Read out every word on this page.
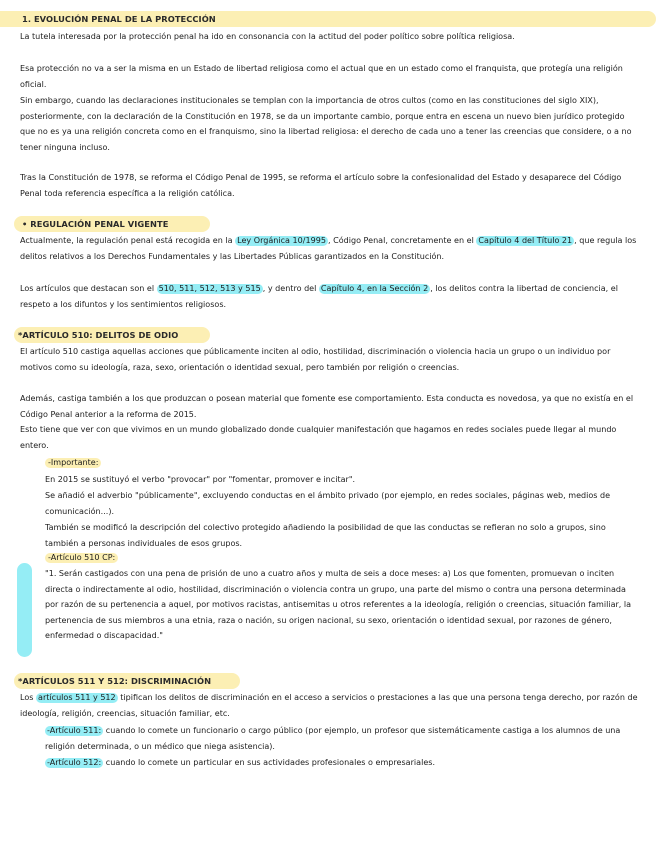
1. EVOLUCIÓN PENAL DE LA PROTECCIÓN

La tutela interesada por la protección penal ha ido en consonancia con la actitud del poder político sobre política religiosa.

Esa protección no va a ser la misma en un Estado de libertad religiosa como el actual que en un estado como el franquista, que protegía una religión oficial.

Sin embargo, cuando las declaraciones institucionales se templan con la importancia de otros cultos (como en las constituciones del siglo XIX), posteriormente, con la declaración de la Constitución en 1978, se da un importante cambio, porque entra en escena un nuevo bien jurídico protegido que no es ya una religión concreta como en el franquismo, sino la libertad religiosa: el derecho de cada uno a tener las creencias que considere, o a no tener ninguna incluso.

Tras la Constitución de 1978, se reforma el Código Penal de 1995, se reforma el artículo sobre la confesionalidad del Estado y desaparece del Código Penal toda referencia específica a la religión católica.

• REGULACIÓN PENAL VIGENTE

Actualmente, la regulación penal está recogida en la Ley Orgánica 10/1995 , Código Penal, concretamente en el Capítulo 4 del Título 21 , que regula los delitos relativos a los Derechos Fundamentales y las Libertades Públicas garantizados en la Constitución.

Los artículos que destacan son el 510, 511, 512, 513 y 515 , y dentro del Capítulo 4, en la Sección 2 , los delitos contra la libertad de conciencia, el respeto a los difuntos y los sentimientos religiosos.

*ARTÍCULO 510: DELITOS DE ODIO

El artículo 510 castiga aquellas acciones que públicamente inciten al odio, hostilidad, discriminación o violencia hacia un grupo o un individuo por motivos como su ideología, raza, sexo, orientación o identidad sexual, pero también por religión o creencias.

Además, castiga también a los que produzcan o posean material que fomente ese comportamiento. Esta conducta es novedosa, ya que no existía en el Código Penal anterior a la reforma de 2015.

Esto tiene que ver con que vivimos en un mundo globalizado donde cualquier manifestación que hagamos en redes sociales puede llegar al mundo entero.

-Importante:

En 2015 se sustituyó el verbo "provocar" por "fomentar, promover e incitar".

Se añadió el adverbio "públicamente", excluyendo conductas en el ámbito privado (por ejemplo, en redes sociales, páginas web, medios de comunicación...).

También se modificó la descripción del colectivo protegido añadiendo la posibilidad de que las conductas se refieran no solo a grupos, sino también a personas individuales de esos grupos.

-Artículo 510 CP:

"1. Serán castigados con una pena de prisión de uno a cuatro años y multa de seis a doce meses: a) Los que fomenten, promuevan o inciten directa o indirectamente al odio, hostilidad, discriminación o violencia contra un grupo, una parte del mismo o contra una persona determinada por razón de su pertenencia a aquel, por motivos racistas, antisemitas u otros referentes a la ideología, religión o creencias, situación familiar, la pertenencia de sus miembros a una etnia, raza o nación, su origen nacional, su sexo, orientación o identidad sexual, por razones de género, enfermedad o discapacidad."

*ARTÍCULOS 511 Y 512: DISCRIMINACIÓN

Los artículos 511 y 512 tipifican los delitos de discriminación en el acceso a servicios o prestaciones a las que una persona tenga derecho, por razón de ideología, religión, creencias, situación familiar, etc.

-Artículo 511: cuando lo comete un funcionario o cargo público (por ejemplo, un profesor que sistemáticamente castiga a los alumnos de una religión determinada, o un médico que niega asistencia).

-Artículo 512: cuando lo comete un particular en sus actividades profesionales o empresariales.
